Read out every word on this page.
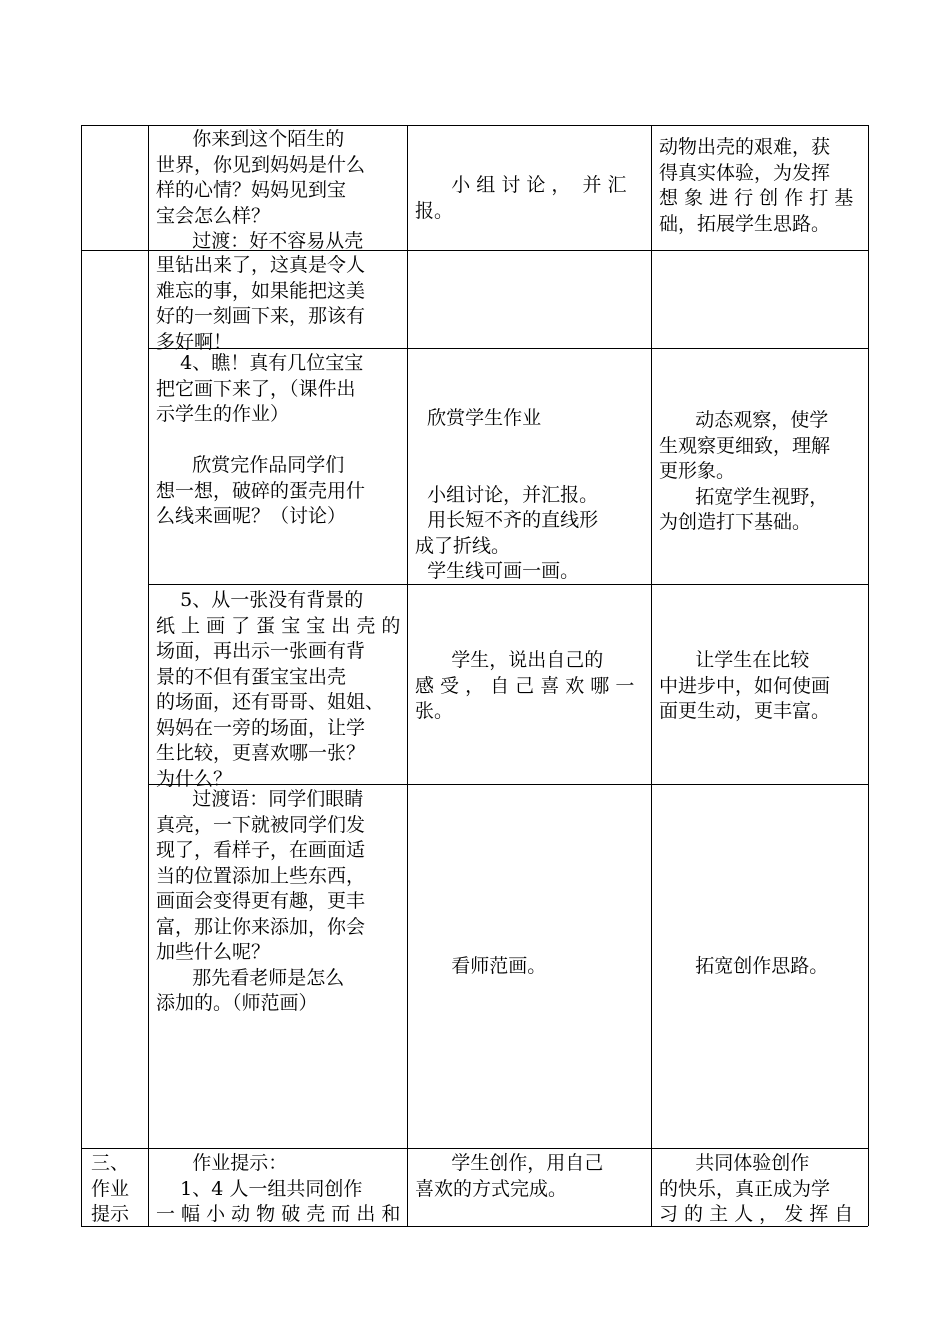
你来到这个陌生的
世界，你见到妈妈是什么
样的心情？妈妈见到宝
宝会怎么样？
过渡：好不容易从壳
小 组 讨 论 ，  并 汇
报。
动物出壳的艰难，获
得真实体验，为发挥
想 象 进 行 创 作 打 基
础，拓展学生思路。
里钻出来了，这真是令人
难忘的事，如果能把这美
好的一刻画下来，那该有
多好啊！
4、瞧！真有几位宝宝
把它画下来了，（课件出
示学生的作业）

欣赏完作品同学们
想一想，破碎的蛋壳用什
么线来画呢？（讨论）
欣赏学生作业

小组讨论，并汇报。
用长短不齐的直线形
成了折线。
学生线可画一画。
动态观察，使学
生观察更细致，理解
更形象。
拓宽学生视野，
为创造打下基础。
5、从一张没有背景的
纸 上 画 了 蛋 宝 宝 出 壳 的
场面，再出示一张画有背
景的不但有蛋宝宝出壳
的场面，还有哥哥、姐姐、
妈妈在一旁的场面，让学
生比较，更喜欢哪一张？
为什么？
学生，说出自己的
感 受 ， 自 己 喜 欢 哪 一
张。
让学生在比较
中进步中，如何使画
面更生动，更丰富。
过渡语：同学们眼睛
真亮，一下就被同学们发
现了，看样子，在画面适
当的位置添加上些东西，
画面会变得更有趣，更丰
富，那让你来添加，你会
加些什么呢？
那先看老师是怎么
添加的。（师范画）
看师范画。	拓宽创作思路。
三、
作业
提示
作业提示：
1、4 人一组共同创作
一 幅 小 动 物 破 壳 而 出 和
学生创作，用自己
喜欢的方式完成。
共同体验创作
的快乐，真正成为学
习 的 主 人 ， 发 挥 自
